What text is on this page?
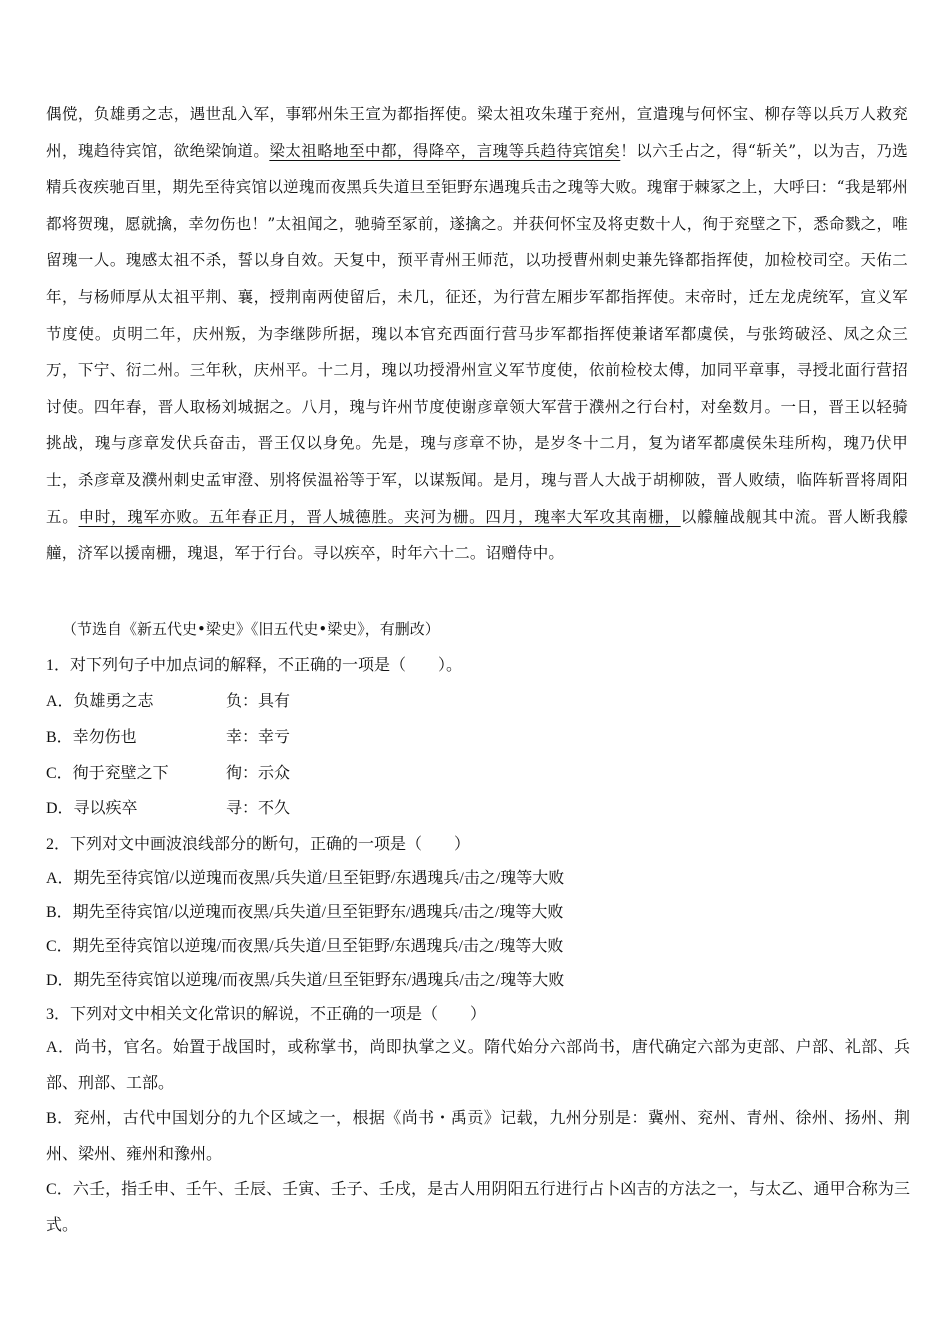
偶傥，负雄勇之志，遇世乱入军，事郓州朱王宣为都指挥使。梁太祖攻朱瑾于兖州，宣遣瑰与何怀宝、柳存等以兵万人救兖州，瑰趋待宾馆，欲绝梁饷道。梁太祖略地至中都，得降卒，言瑰等兵趋待宾馆矣！以六壬占之，得“斩关”，以为吉，乃选精兵夜疾驰百里，期先至待宾馆以逆瑰而夜黑兵失道旦至钜野东遇瑰兵击之瑰等大败。瑰窜于棘冢之上，大呼曰：“我是郓州都将贺瑰，愿就擒，幸勿伤也！”太祖闻之，驰骑至冢前，遂擒之。并获何怀宝及将吏数十人，徇于兖壁之下，悉命戮之，唯留瑰一人。瑰感太祖不杀，誓以身自效。天复中，预平青州王师范，以功授曹州刺史兼先锋都指挥使，加检校司空。天佑二年，与杨师厚从太祖平荆、襄，授荆南两使留后，未几，征还，为行营左厢步军都指挥使。末帝时，迁左龙虎统军，宣义军节度使。贞明二年，庆州叛，为李继陟所据，瑰以本官充西面行营马步军都指挥使兼诸军都虞侯，与张筠破泾、凤之众三万，下宁、衍二州。三年秋，庆州平。十二月，瑰以功授滑州宣义军节度使，依前检校太傅，加同平章事，寻授北面行营招讨使。四年春，晋人取杨刘城据之。八月，瑰与许州节度使谢彦章领大军营于濮州之行台村，对垒数月。一日，晋王以轻骑挑战，瑰与彦章发伏兵奋击，晋王仅以身免。先是，瑰与彦章不协，是岁冬十二月，复为诸军都虞侯朱珪所构，瑰乃伏甲士，杀彦章及濮州刺史孟审澄、别将侯温裕等于军，以谋叛闻。是月，瑰与晋人大战于胡柳陂，晋人败绩，临阵斩晋将周阳五。申时，瑰军亦败。五年春正月，晋人城德胜。夹河为栅。四月，瑰率大军攻其南栅，以艨艟战舰其中流。晋人断我艨艟，济军以援南栅，瑰退，军于行台。寻以疾卒，时年六十二。诏赠侍中。
（节选自《新五代史•梁史》《旧五代史•梁史》，有删改）
1．对下列句子中加点词的解释，不正确的一项是（　　）。
A．负雄勇之志	负：具有
B．幸勿伤也	幸：幸亏
C．徇于兖壁之下	徇：示众
D．寻以疾卒	寻：不久
2．下列对文中画波浪线部分的断句，正确的一项是（　　）
A．期先至待宾馆/以逆瑰而夜黑/兵失道/旦至钜野/东遇瑰兵/击之/瑰等大败
B．期先至待宾馆/以逆瑰而夜黑/兵失道/旦至钜野东/遇瑰兵/击之/瑰等大败
C．期先至待宾馆以逆瑰/而夜黑/兵失道/旦至钜野/东遇瑰兵/击之/瑰等大败
D．期先至待宾馆以逆瑰/而夜黑/兵失道/旦至钜野东/遇瑰兵/击之/瑰等大败
3．下列对文中相关文化常识的解说，不正确的一项是（　　）
A．尚书，官名。始置于战国时，或称掌书，尚即执掌之义。隋代始分六部尚书，唐代确定六部为吏部、户部、礼部、兵部、刑部、工部。
B．兖州，古代中国划分的九个区域之一，根据《尚书・禹贡》记载，九州分别是：冀州、兖州、青州、徐州、扬州、荆州、梁州、雍州和豫州。
C．六壬，指壬申、壬午、壬辰、壬寅、壬子、壬戌，是古人用阴阳五行进行占卜凶吉的方法之一，与太乙、通甲合称为三式。
